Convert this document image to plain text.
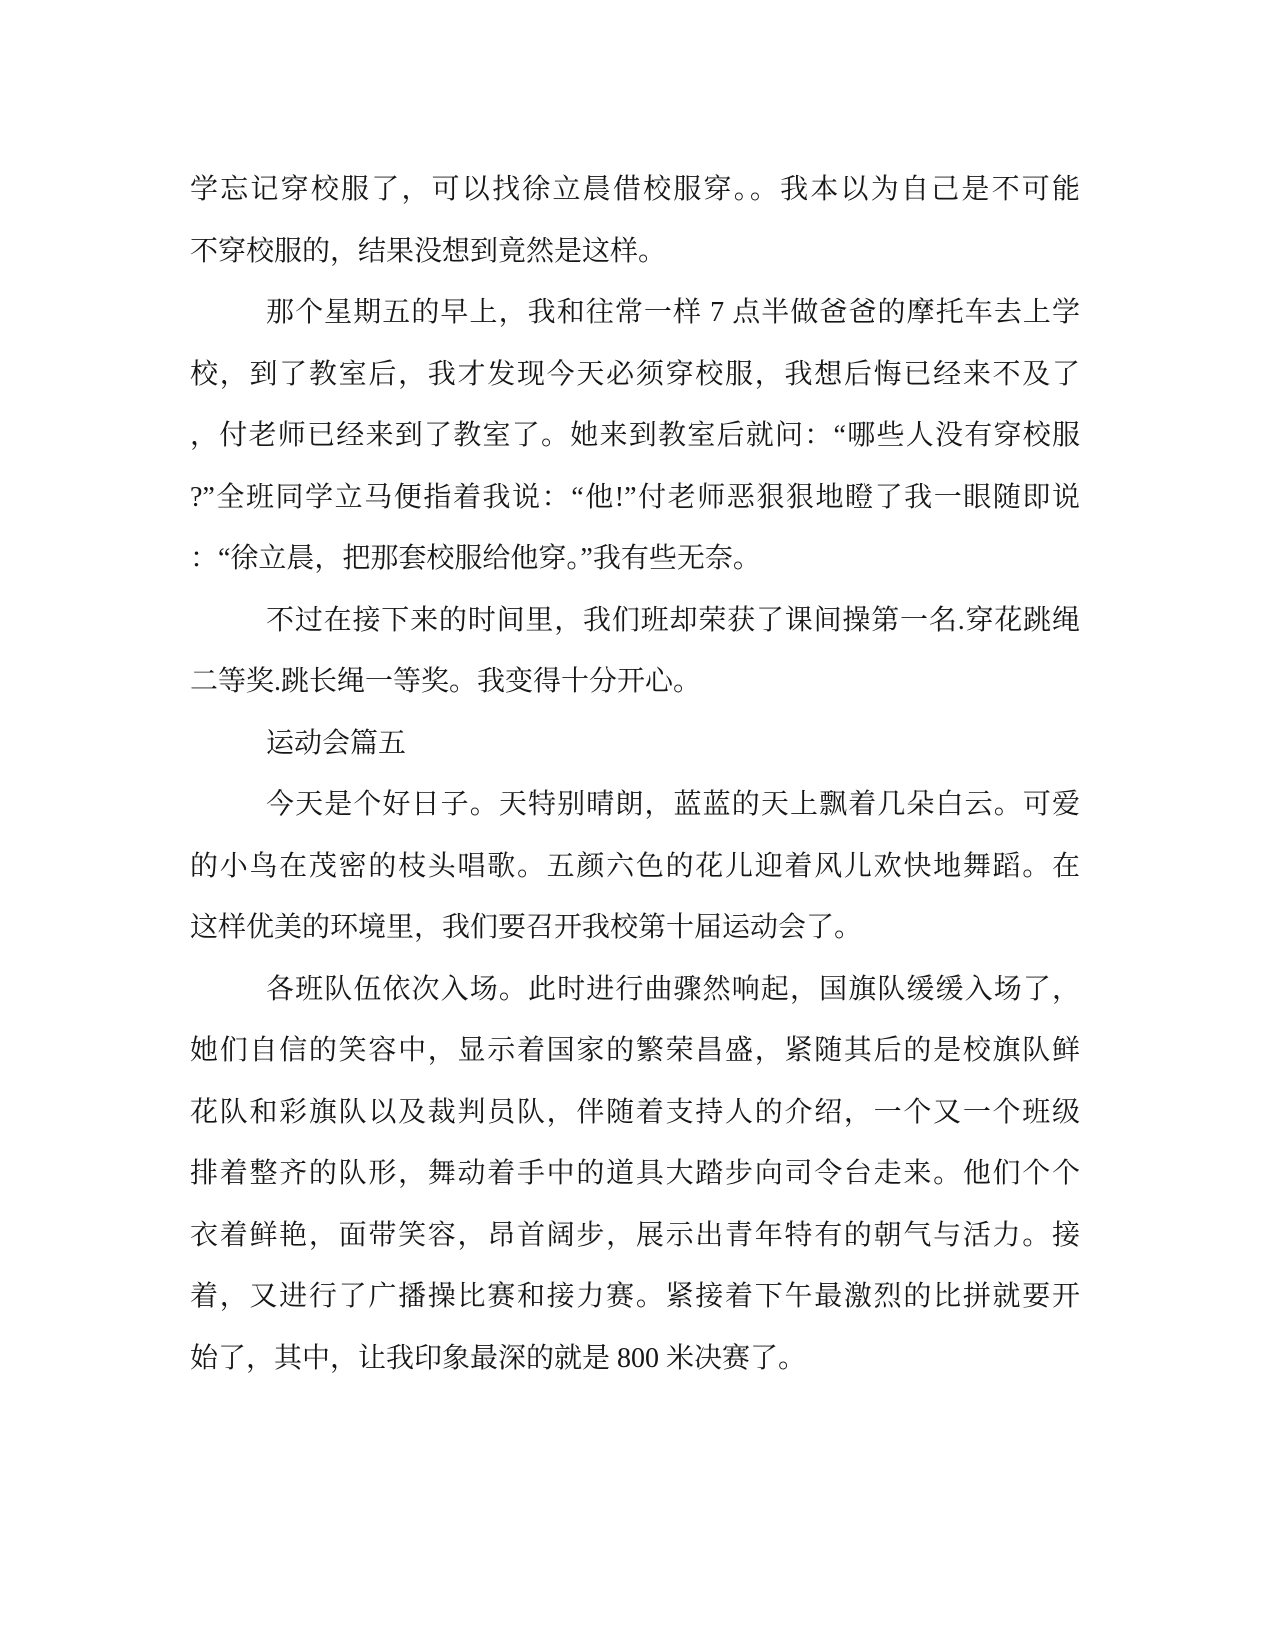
学忘记穿校服了，可以找徐立晨借校服穿。。我本以为自己是不可能
不穿校服的，结果没想到竟然是这样。
那个星期五的早上，我和往常一样 7 点半做爸爸的摩托车去上学
校，到了教室后，我才发现今天必须穿校服，我想后悔已经来不及了
，付老师已经来到了教室了。她来到教室后就问：“哪些人没有穿校服
?”全班同学立马便指着我说：“他!”付老师恶狠狠地瞪了我一眼随即说
：“徐立晨，把那套校服给他穿。”我有些无奈。
不过在接下来的时间里，我们班却荣获了课间操第一名.穿花跳绳
二等奖.跳长绳一等奖。我变得十分开心。
运动会篇五
今天是个好日子。天特别晴朗，蓝蓝的天上飘着几朵白云。可爱
的小鸟在茂密的枝头唱歌。五颜六色的花儿迎着风儿欢快地舞蹈。在
这样优美的环境里，我们要召开我校第十届运动会了。
各班队伍依次入场。此时进行曲骤然响起，国旗队缓缓入场了，
她们自信的笑容中，显示着国家的繁荣昌盛，紧随其后的是校旗队鲜
花队和彩旗队以及裁判员队，伴随着支持人的介绍，一个又一个班级
排着整齐的队形，舞动着手中的道具大踏步向司令台走来。他们个个
衣着鲜艳，面带笑容，昂首阔步，展示出青年特有的朝气与活力。接
着，又进行了广播操比赛和接力赛。紧接着下午最激烈的比拼就要开
始了，其中，让我印象最深的就是 800 米决赛了。
